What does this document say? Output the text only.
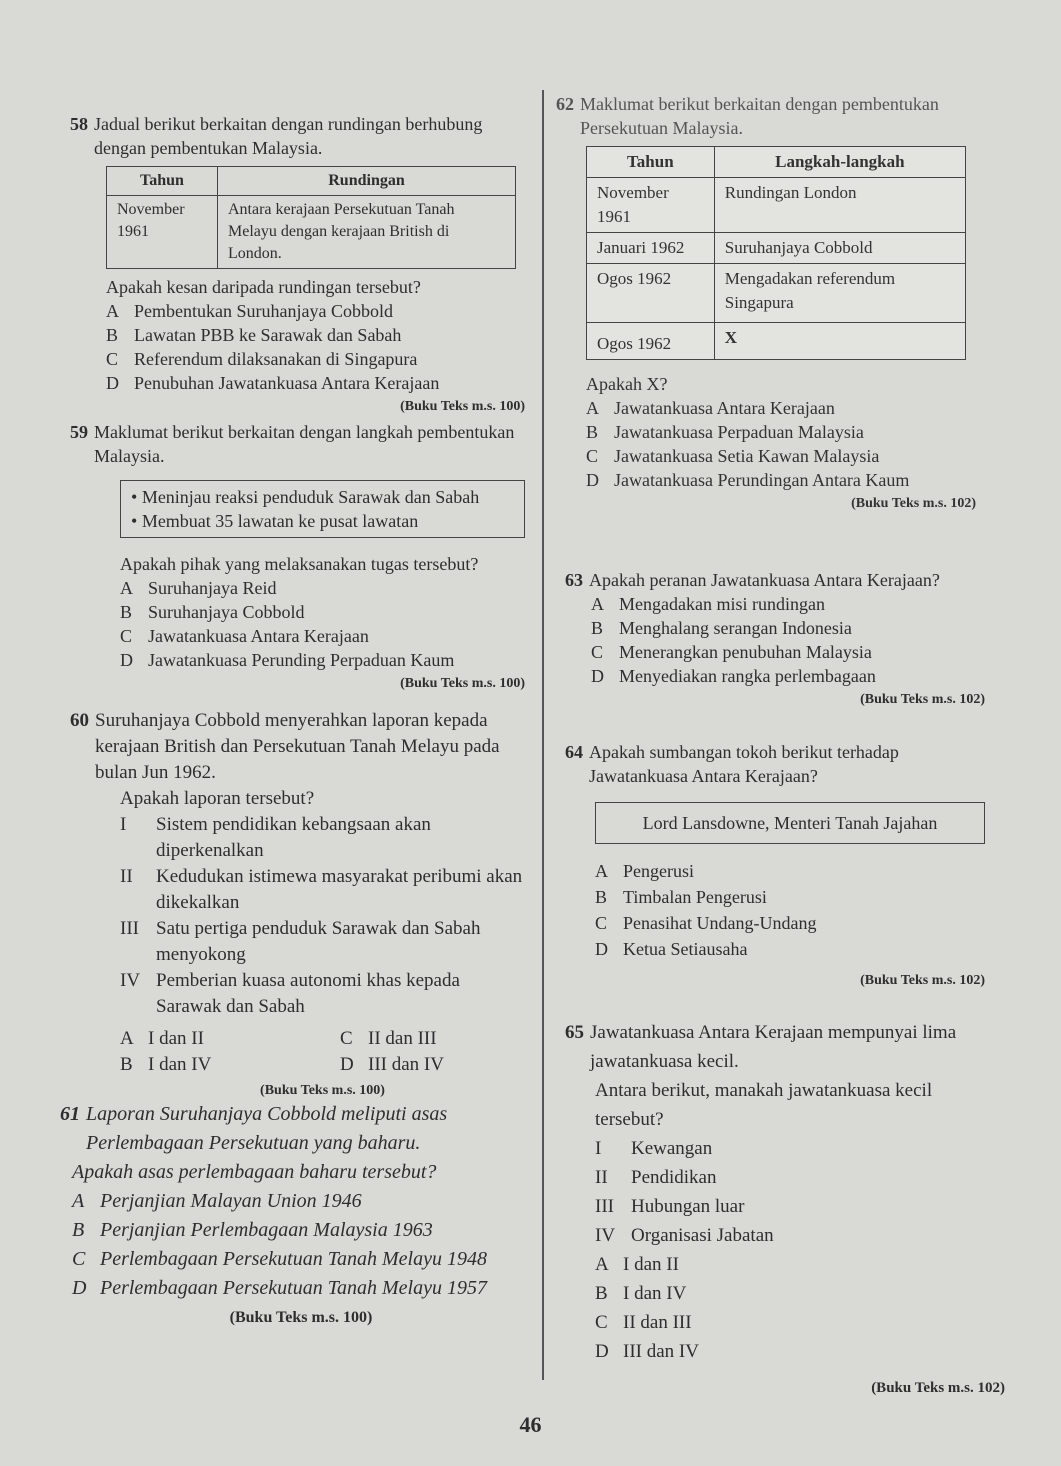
58 Jadual berikut berkaitan dengan rundingan berhubung dengan pembentukan Malaysia.
Tahun	Rundingan
November 1961	Antara kerajaan Persekutuan Tanah Melayu dengan kerajaan British di London.
Apakah kesan daripada rundingan tersebut?
A Pembentukan Suruhanjaya Cobbold
B Lawatan PBB ke Sarawak dan Sabah
C Referendum dilaksanakan di Singapura
D Penubuhan Jawatankuasa Antara Kerajaan
(Buku Teks m.s. 100)
59 Maklumat berikut berkaitan dengan langkah pembentukan Malaysia.
• Meninjau reaksi penduduk Sarawak dan Sabah
• Membuat 35 lawatan ke pusat lawatan
Apakah pihak yang melaksanakan tugas tersebut?
A Suruhanjaya Reid
B Suruhanjaya Cobbold
C Jawatankuasa Antara Kerajaan
D Jawatankuasa Perunding Perpaduan Kaum
(Buku Teks m.s. 100)
60 Suruhanjaya Cobbold menyerahkan laporan kepada kerajaan British dan Persekutuan Tanah Melayu pada bulan Jun 1962.
Apakah laporan tersebut?
I	Sistem pendidikan kebangsaan akan diperkenalkan
II	Kedudukan istimewa masyarakat peribumi akan dikekalkan
III Satu pertiga penduduk Sarawak dan Sabah menyokong
IV Pemberian kuasa autonomi khas kepada Sarawak dan Sabah
A I dan II	C II dan III
B I dan IV	D III dan IV
(Buku Teks m.s. 100)
61 Laporan Suruhanjaya Cobbold meliputi asas Perlembagaan Persekutuan yang baharu.
Apakah asas perlembagaan baharu tersebut?
A Perjanjian Malayan Union 1946
B Perjanjian Perlembagaan Malaysia 1963
C Perlembagaan Persekutuan Tanah Melayu 1948
D Perlembagaan Persekutuan Tanah Melayu 1957
(Buku Teks m.s. 100)
62 Maklumat berikut berkaitan dengan pembentukan Persekutuan Malaysia.
Tahun	Langkah-langkah
November 1961	Rundingan London
Januari 1962	Suruhanjaya Cobbold
Ogos 1962	Mengadakan referendum Singapura
Ogos 1962	X
Apakah X?
A Jawatankuasa Antara Kerajaan
B Jawatankuasa Perpaduan Malaysia
C Jawatankuasa Setia Kawan Malaysia
D Jawatankuasa Perundingan Antara Kaum
(Buku Teks m.s. 102)
63 Apakah peranan Jawatankuasa Antara Kerajaan?
A Mengadakan misi rundingan
B Menghalang serangan Indonesia
C Menerangkan penubuhan Malaysia
D Menyediakan rangka perlembagaan
(Buku Teks m.s. 102)
64 Apakah sumbangan tokoh berikut terhadap Jawatankuasa Antara Kerajaan?
Lord Lansdowne, Menteri Tanah Jajahan
A Pengerusi
B Timbalan Pengerusi
C Penasihat Undang-Undang
D Ketua Setiausaha
(Buku Teks m.s. 102)
65 Jawatankuasa Antara Kerajaan mempunyai lima jawatankuasa kecil.
Antara berikut, manakah jawatankuasa kecil tersebut?
I	Kewangan
II	Pendidikan
III Hubungan luar
IV Organisasi Jabatan
A I dan II
B I dan IV
C II dan III
D III dan IV
(Buku Teks m.s. 102)
46
